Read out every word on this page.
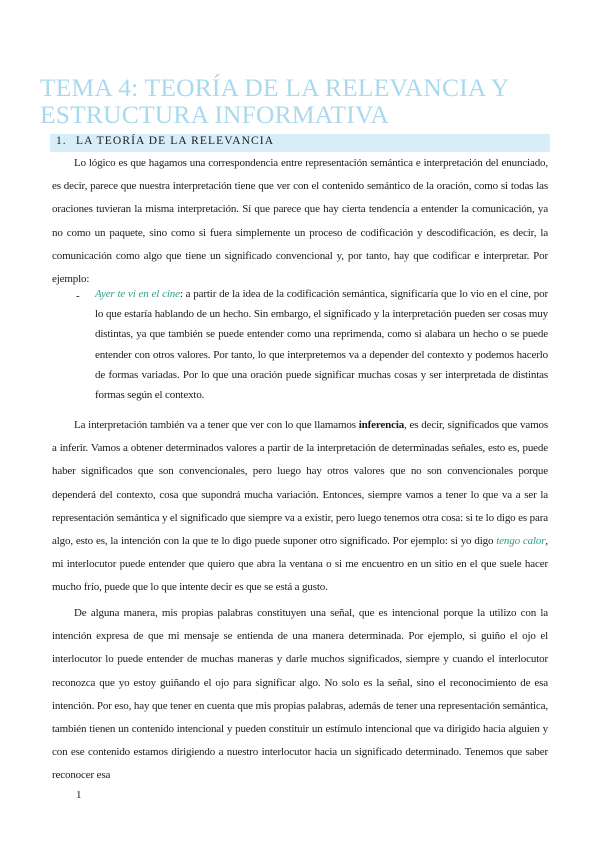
TEMA 4: TEORÍA DE LA RELEVANCIA Y ESTRUCTURA INFORMATIVA
1. LA TEORÍA DE LA RELEVANCIA

Lo lógico es que hagamos una correspondencia entre representación semántica e interpretación del enunciado, es decir, parece que nuestra interpretación tiene que ver con el contenido semántico de la oración, como si todas las oraciones tuvieran la misma interpretación. Sí que parece que hay cierta tendencia a entender la comunicación, ya no como un paquete, sino como si fuera simplemente un proceso de codificación y descodificación, es decir, la comunicación como algo que tiene un significado convencional y, por tanto, hay que codificar e interpretar. Por ejemplo:

- Ayer te vi en el cine: a partir de la idea de la codificación semántica, significaría que lo vio en el cine, por lo que estaría hablando de un hecho. Sin embargo, el significado y la interpretación pueden ser cosas muy distintas, ya que también se puede entender como una reprimenda, como si alabara un hecho o se puede entender con otros valores. Por tanto, lo que interpretemos va a depender del contexto y podemos hacerlo de formas variadas. Por lo que una oración puede significar muchas cosas y ser interpretada de distintas formas según el contexto.

La interpretación también va a tener que ver con lo que llamamos inferencia, es decir, significados que vamos a inferir. Vamos a obtener determinados valores a partir de la interpretación de determinadas señales, esto es, puede haber significados que son convencionales, pero luego hay otros valores que no son convencionales porque dependerá del contexto, cosa que supondrá mucha variación. Entonces, siempre vamos a tener lo que va a ser la representación semántica y el significado que siempre va a existir, pero luego tenemos otra cosa: si te lo digo es para algo, esto es, la intención con la que te lo digo puede suponer otro significado. Por ejemplo: si yo digo tengo calor, mi interlocutor puede entender que quiero que abra la ventana o si me encuentro en un sitio en el que suele hacer mucho frío, puede que lo que intente decir es que se está a gusto.

De alguna manera, mis propias palabras constituyen una señal, que es intencional porque la utilizo con la intención expresa de que mi mensaje se entienda de una manera determinada. Por ejemplo, si guiño el ojo el interlocutor lo puede entender de muchas maneras y darle muchos significados, siempre y cuando el interlocutor reconozca que yo estoy guiñando el ojo para significar algo. No solo es la señal, sino el reconocimiento de esa intención. Por eso, hay que tener en cuenta que mis propias palabras, además de tener una representación semántica, también tienen un contenido intencional y pueden constituir un estímulo intencional que va dirigido hacia alguien y con ese contenido estamos dirigiendo a nuestro interlocutor hacia un significado determinado. Tenemos que saber reconocer esa

1
